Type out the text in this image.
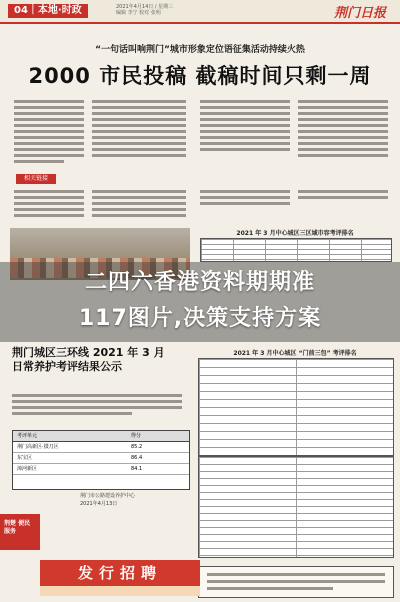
04｜本地·时政	2021年4月14日 / 星期三
编辑 李宁 校对 张明	荆门日报
“一句话叫响荆门”城市形象定位语征集活动持续火热
2000 市民投稿 截稿时间只剩一周
相关链接
2021 年 3 月中心城区三区域市容考评排名
二四六香港资料期期准
117图片,决策支持方案
2021 年 3 月中心城区 “门前三包” 考评排名
荆门城区三环线 2021 年 3 月
日常养护考评结果公示
考评单元	得分
荆门高新区·掇刀区	85.2
东宝区	86.4
漳河新区	84.1
荆门市公路建设养护中心
2021年4月13日
荆楚 便民 服务
发行招聘
